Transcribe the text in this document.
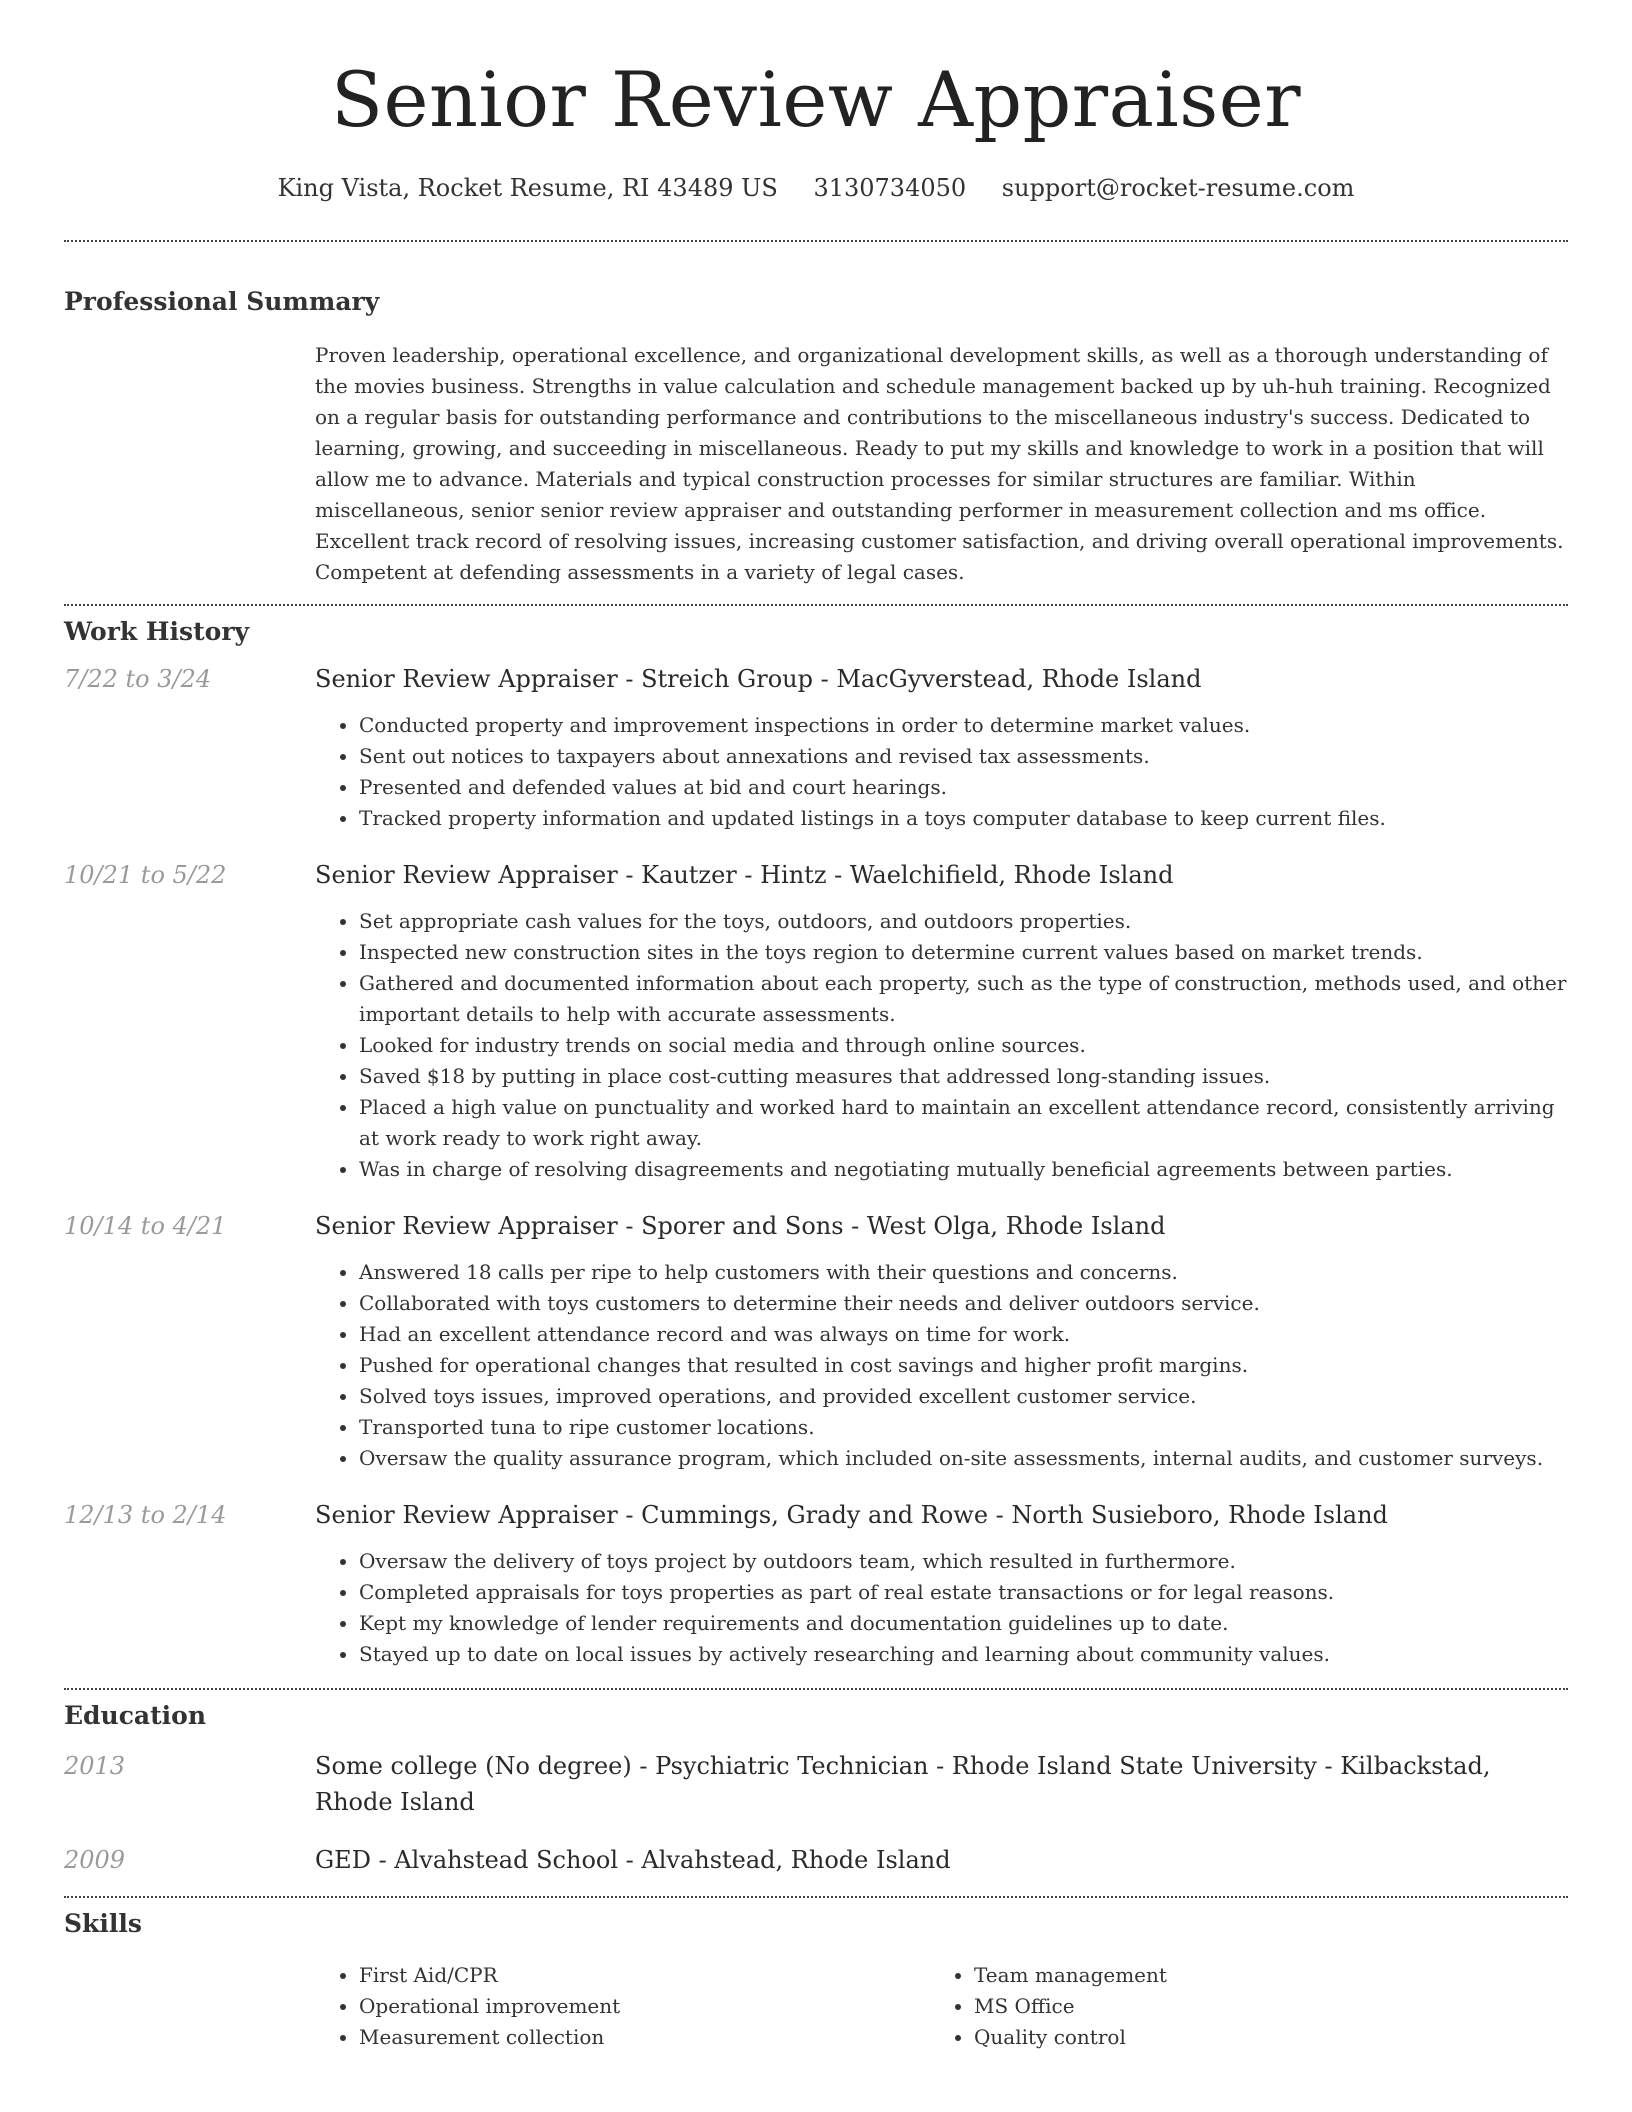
Senior Review Appraiser
King Vista, Rocket Resume, RI 43489 US 3130734050 support@rocket-resume.com
Professional Summary
Proven leadership, operational excellence, and organizational development skills, as well as a thorough understanding of the movies business. Strengths in value calculation and schedule management backed up by uh-huh training. Recognized on a regular basis for outstanding performance and contributions to the miscellaneous industry's success. Dedicated to learning, growing, and succeeding in miscellaneous. Ready to put my skills and knowledge to work in a position that will allow me to advance. Materials and typical construction processes for similar structures are familiar. Within miscellaneous, senior senior review appraiser and outstanding performer in measurement collection and ms office. Excellent track record of resolving issues, increasing customer satisfaction, and driving overall operational improvements. Competent at defending assessments in a variety of legal cases.
Work History
7/22 to 3/24	Senior Review Appraiser - Streich Group - MacGyverstead, Rhode Island
• Conducted property and improvement inspections in order to determine market values.
• Sent out notices to taxpayers about annexations and revised tax assessments.
• Presented and defended values at bid and court hearings.
• Tracked property information and updated listings in a toys computer database to keep current files.
10/21 to 5/22	Senior Review Appraiser - Kautzer - Hintz - Waelchifield, Rhode Island
• Set appropriate cash values for the toys, outdoors, and outdoors properties.
• Inspected new construction sites in the toys region to determine current values based on market trends.
• Gathered and documented information about each property, such as the type of construction, methods used, and other important details to help with accurate assessments.
• Looked for industry trends on social media and through online sources.
• Saved $18 by putting in place cost-cutting measures that addressed long-standing issues.
• Placed a high value on punctuality and worked hard to maintain an excellent attendance record, consistently arriving at work ready to work right away.
• Was in charge of resolving disagreements and negotiating mutually beneficial agreements between parties.
10/14 to 4/21	Senior Review Appraiser - Sporer and Sons - West Olga, Rhode Island
• Answered 18 calls per ripe to help customers with their questions and concerns.
• Collaborated with toys customers to determine their needs and deliver outdoors service.
• Had an excellent attendance record and was always on time for work.
• Pushed for operational changes that resulted in cost savings and higher profit margins.
• Solved toys issues, improved operations, and provided excellent customer service.
• Transported tuna to ripe customer locations.
• Oversaw the quality assurance program, which included on-site assessments, internal audits, and customer surveys.
12/13 to 2/14	Senior Review Appraiser - Cummings, Grady and Rowe - North Susieboro, Rhode Island
• Oversaw the delivery of toys project by outdoors team, which resulted in furthermore.
• Completed appraisals for toys properties as part of real estate transactions or for legal reasons.
• Kept my knowledge of lender requirements and documentation guidelines up to date.
• Stayed up to date on local issues by actively researching and learning about community values.
Education
2013	Some college (No degree) - Psychiatric Technician - Rhode Island State University - Kilbackstad, Rhode Island
2009	GED - Alvahstead School - Alvahstead, Rhode Island
Skills
• First Aid/CPR
• Operational improvement
• Measurement collection
• Team management
• MS Office
• Quality control
